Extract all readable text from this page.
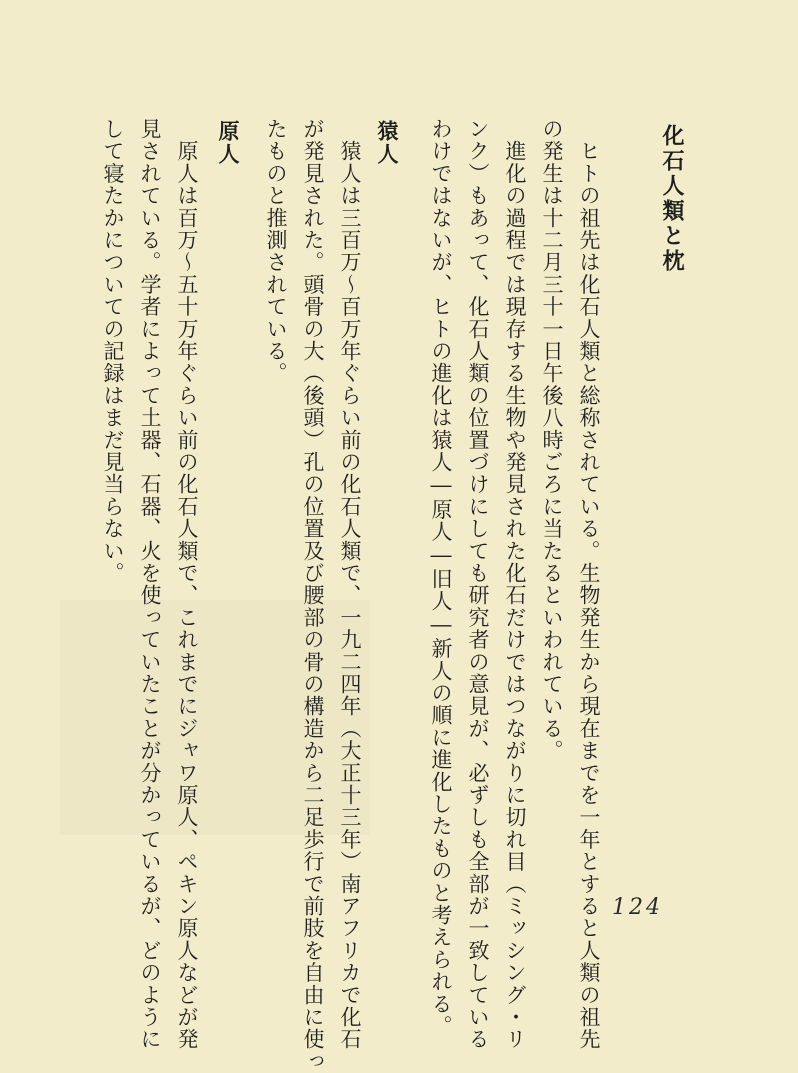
化石人類と枕
　ヒトの祖先は化石人類と総称されている。生物発生から現在までを一年とすると人類の祖先
の発生は十二月三十一日午後八時ごろに当たるといわれている。
　進化の過程では現存する生物や発見された化石だけではつながりに切れ目（ミッシング・リ
ンク）もあって、化石人類の位置づけにしても研究者の意見が、必ずしも全部が一致している
わけではないが、ヒトの進化は猿人―原人―旧人―新人の順に進化したものと考えられる。
猿人
　猿人は三百万～百万年ぐらい前の化石人類で、一九二四年（大正十三年）南アフリカで化石
が発見された。頭骨の大（後頭）孔の位置及び腰部の骨の構造から二足歩行で前肢を自由に使っ
たものと推測されている。
原人
　原人は百万～五十万年ぐらい前の化石人類で、これまでにジャワ原人、ペキン原人などが発
見されている。学者によって土器、石器、火を使っていたことが分かっているが、どのように
して寝たかについての記録はまだ見当らない。
124
